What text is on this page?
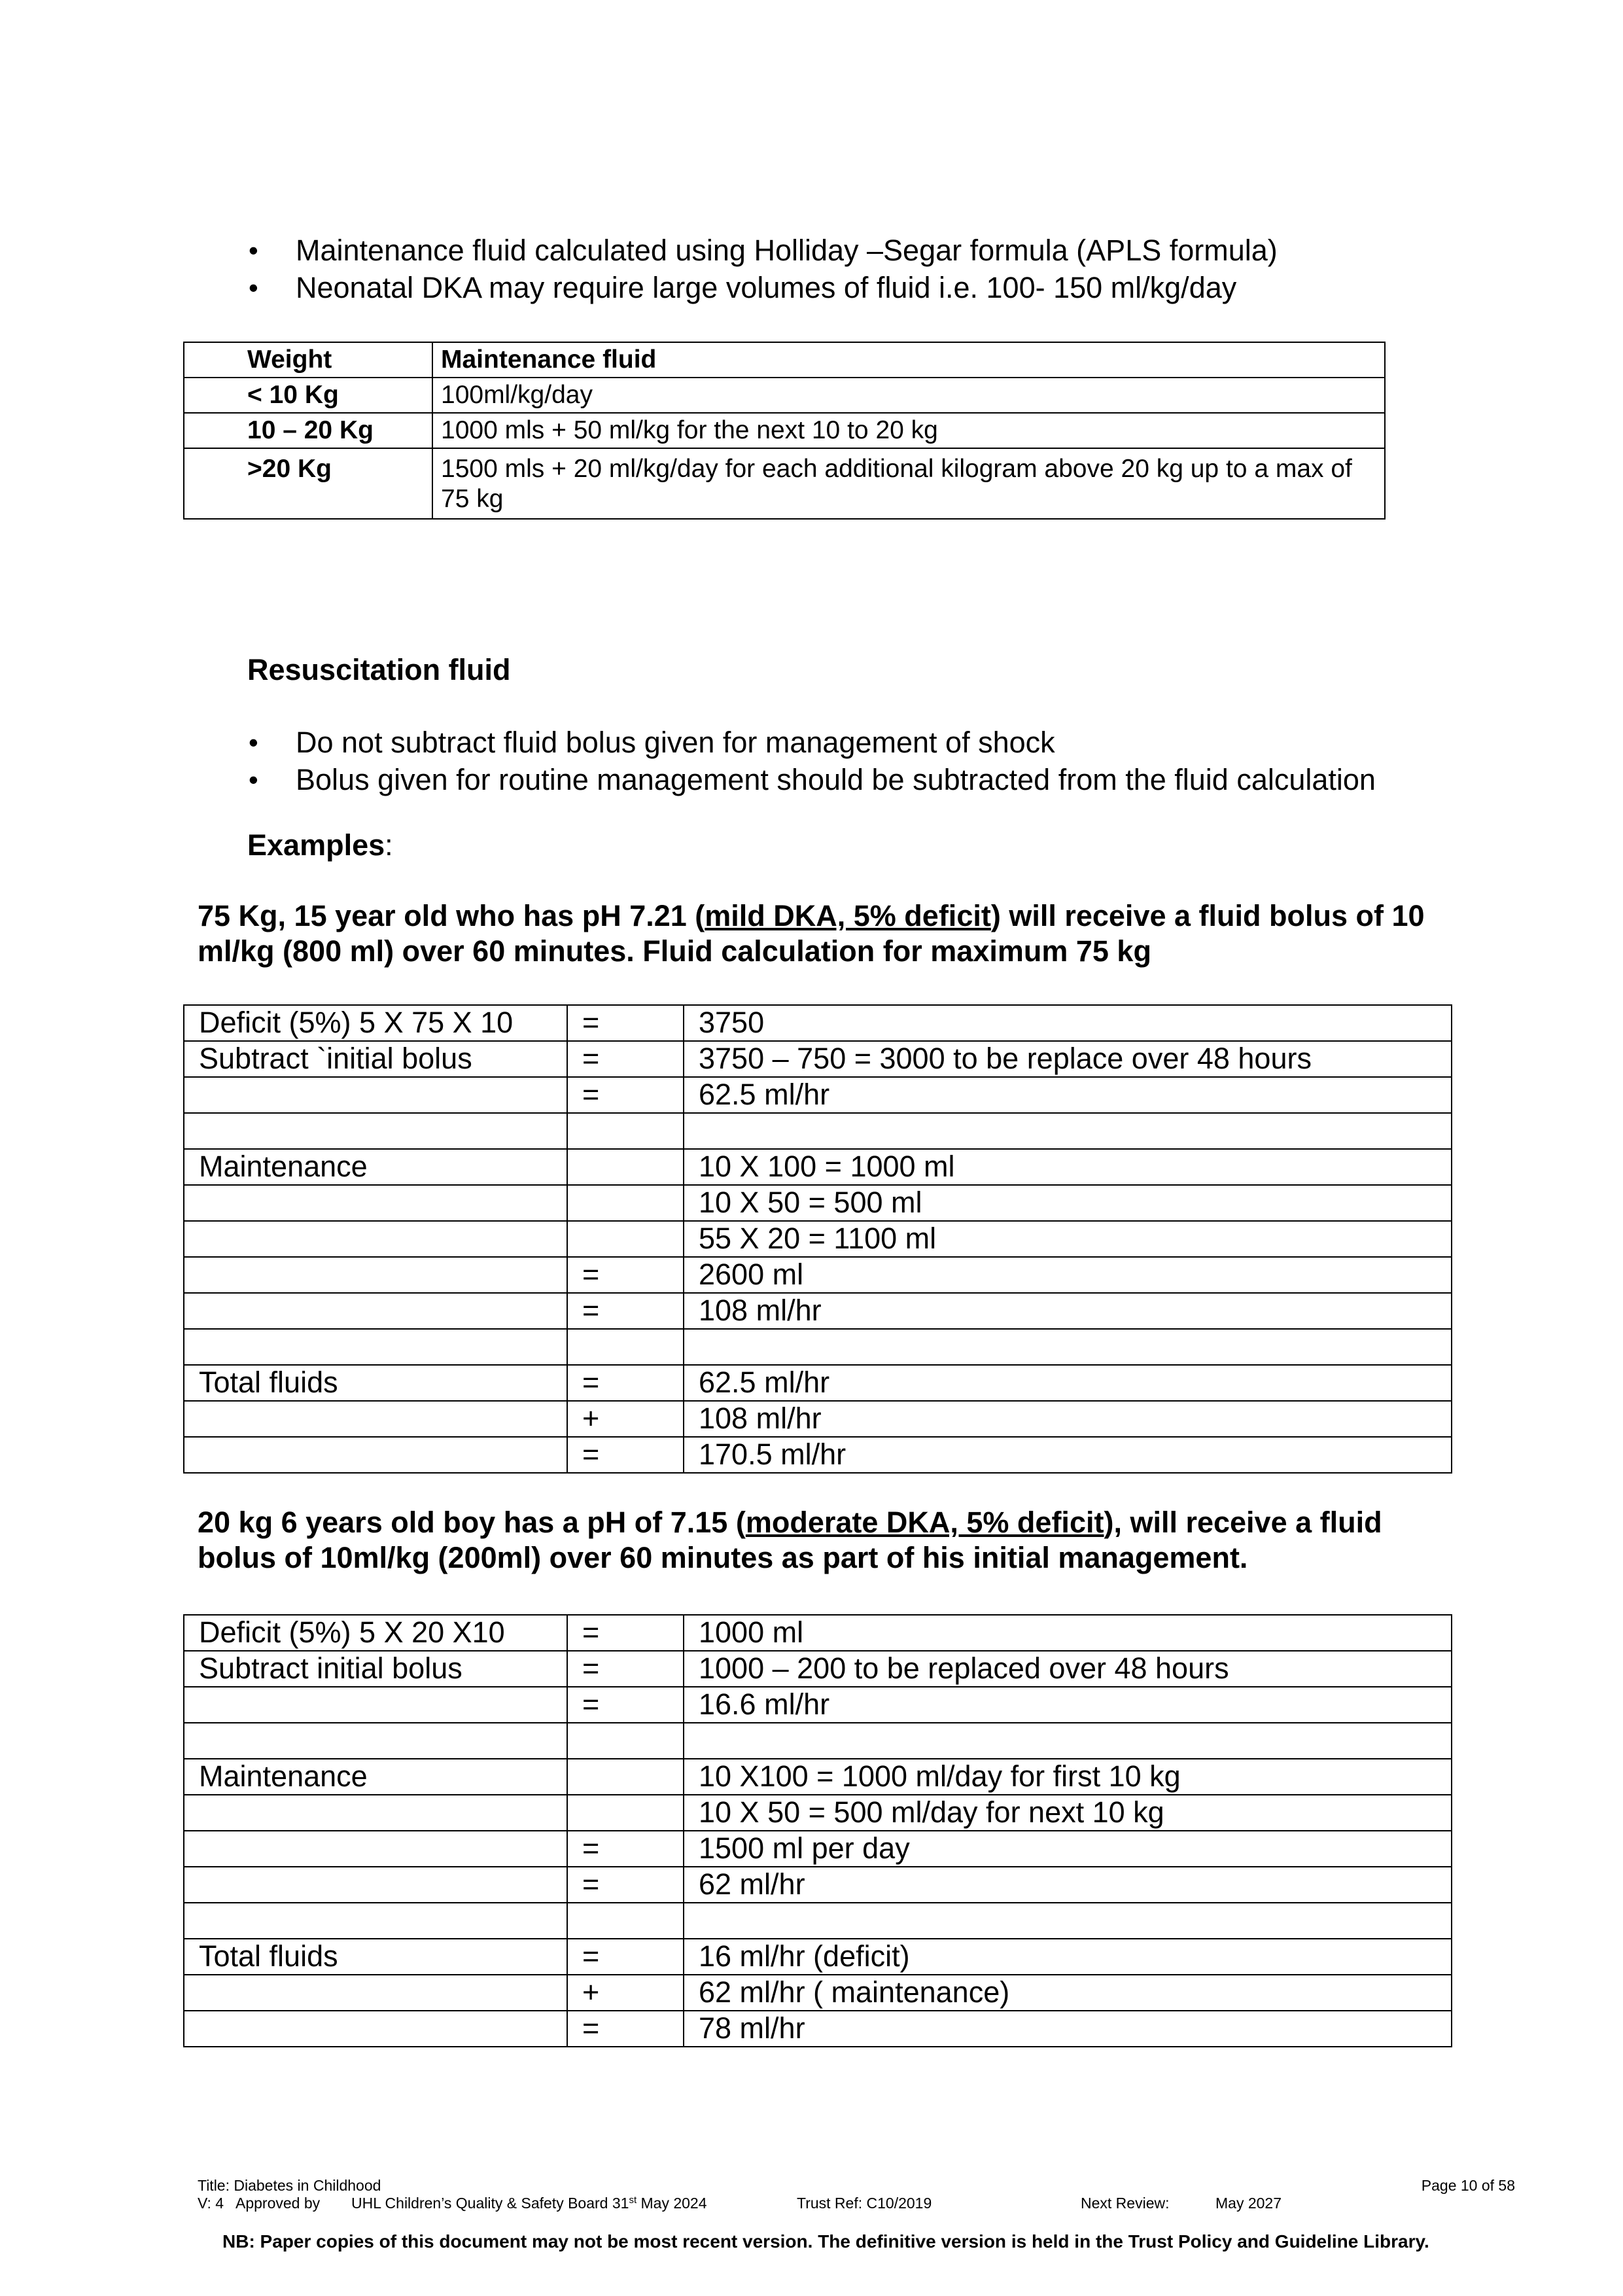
• Maintenance fluid calculated using Holliday –Segar formula (APLS formula)
• Neonatal DKA may require large volumes of fluid i.e. 100- 150 ml/kg/day
Weight	Maintenance fluid
< 10 Kg	100ml/kg/day
10 – 20 Kg	1000 mls + 50 ml/kg for the next 10 to 20 kg
>20 Kg	1500 mls + 20 ml/kg/day for each additional kilogram above 20 kg up to a max of 75 kg
Resuscitation fluid
• Do not subtract fluid bolus given for management of shock
• Bolus given for routine management should be subtracted from the fluid calculation
Examples:
75 Kg, 15 year old who has pH 7.21 (mild DKA, 5% deficit) will receive a fluid bolus of 10 ml/kg (800 ml) over 60 minutes. Fluid calculation for maximum 75 kg
Deficit (5%) 5 X 75 X 10	=	3750
Subtract `initial bolus	=	3750 – 750 = 3000 to be replace over 48 hours
	=	62.5 ml/hr

Maintenance		10 X 100 = 1000 ml
		10 X 50 = 500 ml
		55 X 20 = 1100 ml
	=	2600 ml
	=	108 ml/hr

Total fluids	=	62.5 ml/hr
	+	108 ml/hr
	=	170.5 ml/hr
20 kg 6 years old boy has a pH of 7.15 (moderate DKA, 5% deficit), will receive a fluid bolus of 10ml/kg (200ml) over 60 minutes as part of his initial management.
Deficit (5%) 5 X 20 X10	=	1000 ml
Subtract initial bolus	=	1000 – 200 to be replaced over 48 hours
	=	16.6 ml/hr

Maintenance		10 X100 = 1000 ml/day for first 10 kg
		10 X 50 = 500 ml/day for next 10 kg
	=	1500 ml per day
	=	62 ml/hr

Total fluids	=	16 ml/hr (deficit)
	+	62 ml/hr ( maintenance)
	=	78 ml/hr
Title: Diabetes in Childhood	Page 10 of 58
V: 4 Approved by UHL Children’s Quality & Safety Board 31st May 2024	Trust Ref: C10/2019	Next Review:	May 2027
NB: Paper copies of this document may not be most recent version. The definitive version is held in the Trust Policy and Guideline Library.
